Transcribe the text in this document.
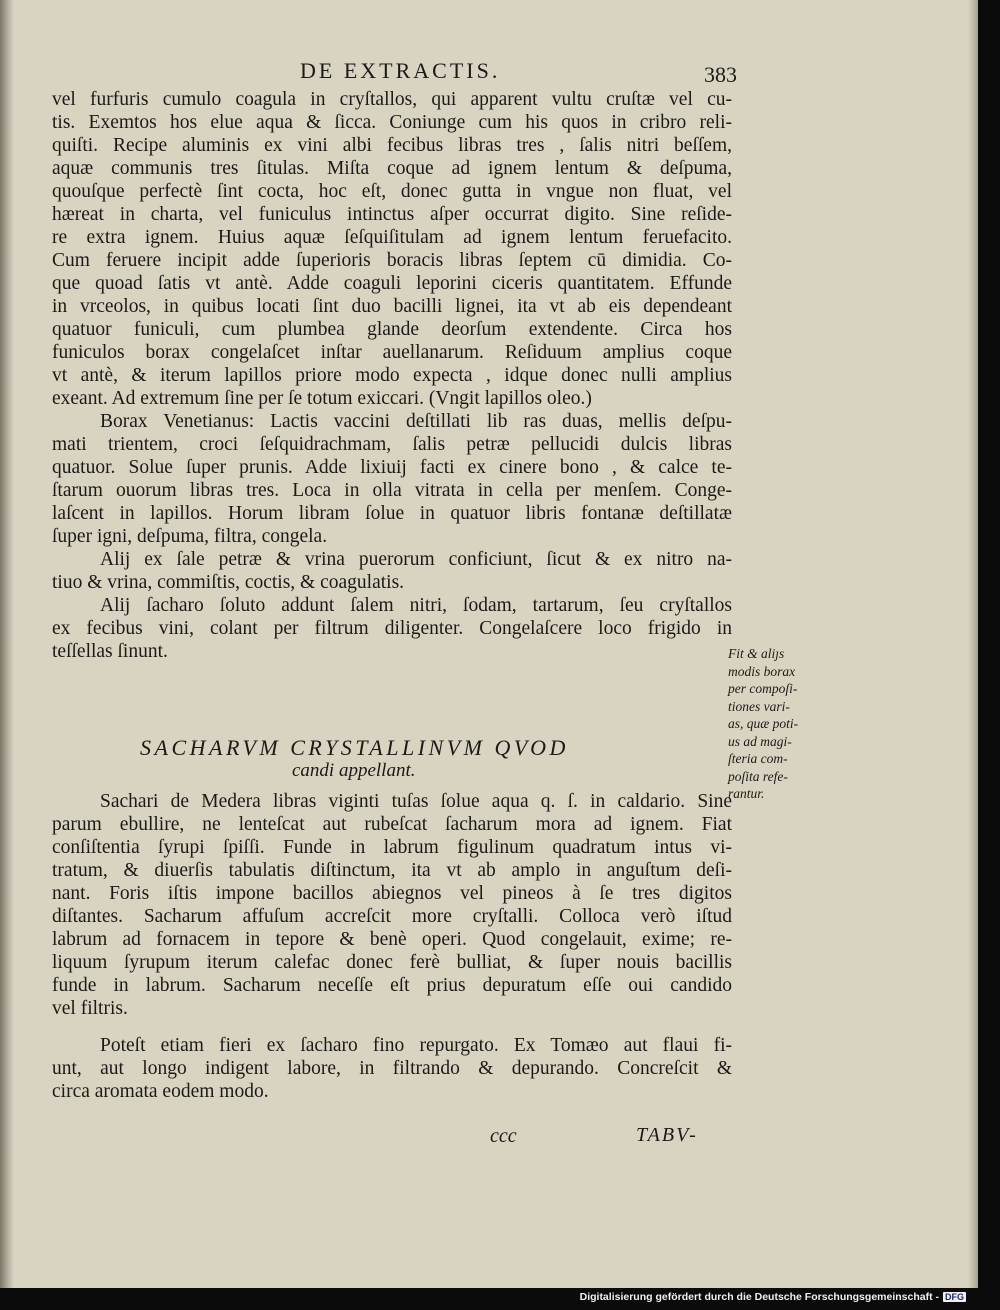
DE EXTRACTIS.	383
vel furfuris cumulo coagula in cryſtallos, qui apparent vultu cruſtæ vel cu-
tis. Exemtos hos elue aqua & ſicca. Coniunge cum his quos in cribro reli-
quiſti. Recipe aluminis ex vini albi fecibus libras tres , ſalis nitri beſſem,
aquæ communis tres ſitulas. Miſta coque ad ignem lentum & deſpuma,
quouſque perfectè ſint cocta, hoc eſt, donec gutta in vngue non fluat, vel
hæreat in charta, vel funiculus intinctus aſper occurrat digito. Sine reſide-
re extra ignem. Huius aquæ ſeſquiſitulam ad ignem lentum feruefacito.
Cum feruere incipit adde ſuperioris boracis libras ſeptem cū dimidia. Co-
que quoad ſatis vt antè. Adde coaguli leporini ciceris quantitatem. Effunde
in vrceolos, in quibus locati ſint duo bacilli lignei, ita vt ab eis dependeant
quatuor funiculi, cum plumbea glande deorſum extendente. Circa hos
funiculos borax congelaſcet inſtar auellanarum. Reſiduum amplius coque
vt antè, & iterum lapillos priore modo expecta , idque donec nulli amplius
exeant. Ad extremum ſine per ſe totum exiccari. (Vngit lapillos oleo.)
Borax Venetianus: Lactis vaccini deſtillati lib ras duas, mellis deſpu-
mati trientem, croci ſeſquidrachmam, ſalis petræ pellucidi dulcis libras
quatuor. Solue ſuper prunis. Adde lixiuij facti ex cinere bono , & calce te-
ſtarum ouorum libras tres. Loca in olla vitrata in cella per menſem. Conge-
laſcent in lapillos. Horum libram ſolue in quatuor libris fontanæ deſtillatæ
ſuper igni, deſpuma, filtra, congela.
Alij ex ſale petræ & vrina puerorum conficiunt, ſicut & ex nitro na-
tiuo & vrina, commiſtis, coctis, & coagulatis.
Alij ſacharo ſoluto addunt ſalem nitri, ſodam, tartarum, ſeu cryſtallos
ex fecibus vini, colant per filtrum diligenter. Congelaſcere loco frigido in
teſſellas ſinunt.	Fit & aliȷs
modis borax
per compoſi-
tiones vari-
as, quæ poti-
us ad magi-
ſteria com-
poſita refe-
rantur.
SACHARVM CRYSTALLINVM QVOD
candi appellant.
Sachari de Medera libras viginti tuſas ſolue aqua q. ſ. in caldario. Sine
parum ebullire, ne lenteſcat aut rubeſcat ſacharum mora ad ignem. Fiat
conſiſtentia ſyrupi ſpiſſi. Funde in labrum figulinum quadratum intus vi-
tratum, & diuerſis tabulatis diſtinctum, ita vt ab amplo in anguſtum deſi-
nant. Foris iſtis impone bacillos abiegnos vel pineos à ſe tres digitos
diſtantes. Sacharum affuſum accreſcit more cryſtalli. Colloca verò iſtud
labrum ad fornacem in tepore & benè operi. Quod congelauit, exime; re-
liquum ſyrupum iterum calefac donec ferè bulliat, & ſuper nouis bacillis
funde in labrum. Sacharum neceſſe eſt prius depuratum eſſe oui candido
vel filtris.
Poteſt etiam fieri ex ſacharo fino repurgato. Ex Tomæo aut flaui fi-
unt, aut longo indigent labore, in filtrando & depurando. Concreſcit &
circa aromata eodem modo.
ccc	TABV-
Digitalisierung gefördert durch die Deutsche Forschungsgemeinschaft - DFG
